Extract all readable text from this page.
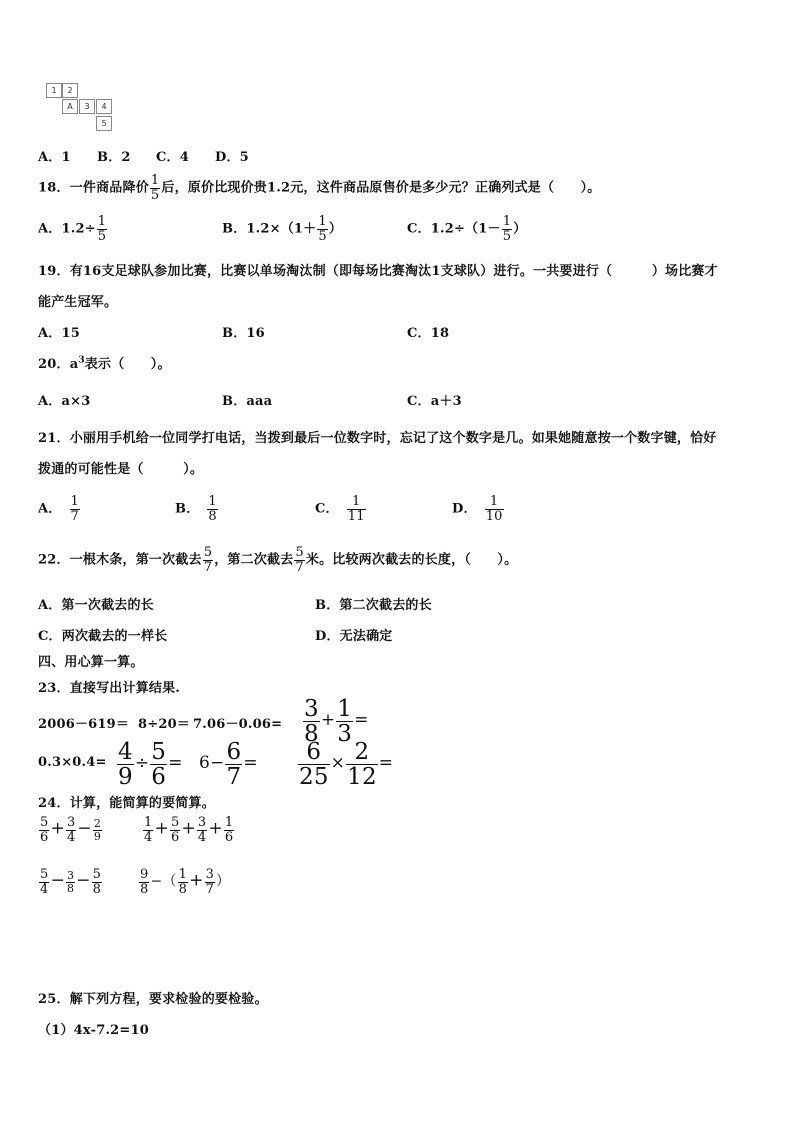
1	2
A	3	4
5
A．1 B．2 C．4 D．5
18．一件商品降价 $\frac{1}{5}$ 后，原价比现价贵1.2元，这件商品原售价是多少元？正确列式是（　　）。
A．$1.2\div \frac{1}{5}$	B．$1.2\times(1+ \frac{1}{5}$ ）	C．$1.2\div(1- \frac{1}{5}$ ）
19．有16支足球队参加比赛，比赛以单场淘汰制（即每场比赛淘汰1支球队）进行。一共要进行（　　　）场比赛才
能产生冠军。
A．15	B．16	C．18
20．$a^3$表示（　　）。
A．a×3	B．aaa	C．a＋3
21．小丽用手机给一位同学打电话，当拨到最后一位数字时，忘记了这个数字是几。如果她随意按一个数字键，恰好
拨通的可能性是（　　　）。
A． $\frac{1}{7}$	B． $\frac{1}{8}$	C． $\frac{1}{11}$	D． $\frac{1}{10}$
22．一根木条，第一次截去 $\frac{5}{7}$ ，第二次截去 $\frac{5}{7}$ 米。比较两次截去的长度，（　　）。
A．第一次截去的长	B．第二次截去的长
C．两次截去的一样长	D．无法确定
四、用心算一算。
23．直接写出计算结果.
$2006-619= 8\div 20= 7.06-0.06= \frac{3}{8} + \frac{1}{3}$ =
$0.3\times 0.4= \frac{4}{9} \div \frac{5}{6} = 6- \frac{6}{7} = \frac{6}{25} \times \frac{2}{12}$ =
24．计算，能简算的要简算。
$\frac{5}{6} + \frac{3}{4} - \frac{2}{9}$	$\frac{1}{4} + \frac{5}{6} + \frac{3}{4} + \frac{1}{6}$
$\frac{5}{4} - \frac{3}{8} - \frac{5}{8}$	$\frac{9}{8}$ −（ $\frac{1}{8} + \frac{3}{7}$ ）
25．解下列方程，要求检验的要检验。
（1）4x-7.2=10
